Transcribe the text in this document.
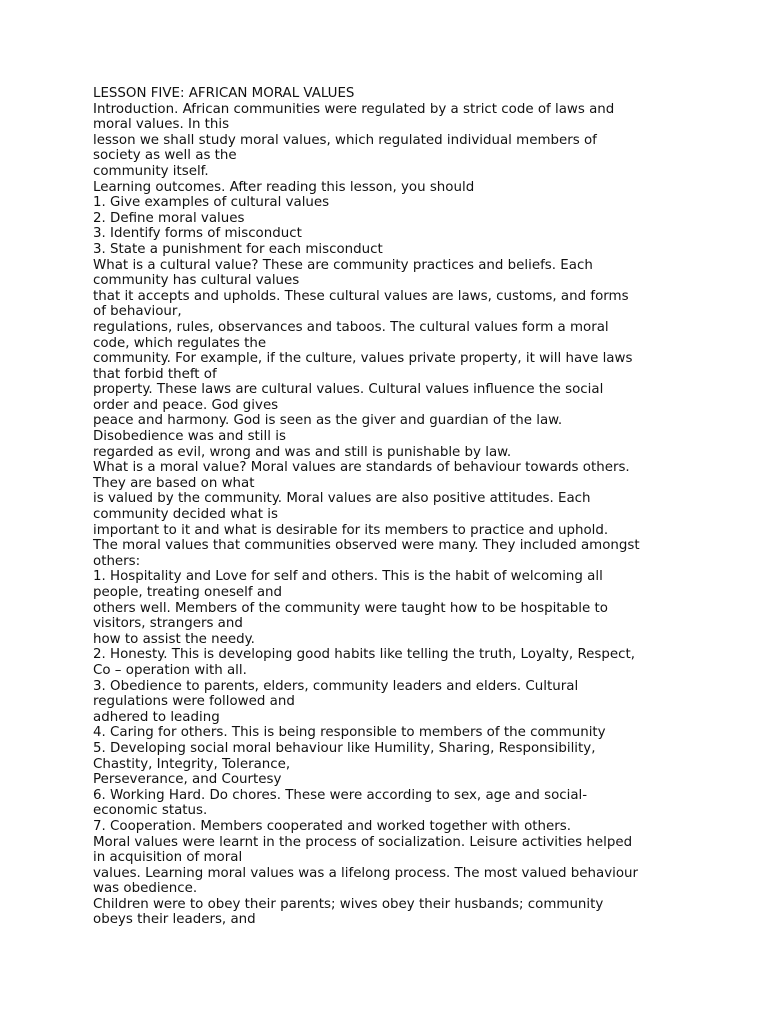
LESSON FIVE: AFRICAN MORAL VALUES
Introduction. African communities were regulated by a strict code of laws and
moral values. In this
lesson we shall study moral values, which regulated individual members of
society as well as the
community itself.
Learning outcomes. After reading this lesson, you should
1. Give examples of cultural values
2. Define moral values
3. Identify forms of misconduct
3. State a punishment for each misconduct
What is a cultural value? These are community practices and beliefs. Each
community has cultural values
that it accepts and upholds. These cultural values are laws, customs, and forms
of behaviour,
regulations, rules, observances and taboos. The cultural values form a moral
code, which regulates the
community. For example, if the culture, values private property, it will have laws
that forbid theft of
property. These laws are cultural values. Cultural values influence the social
order and peace. God gives
peace and harmony. God is seen as the giver and guardian of the law.
Disobedience was and still is
regarded as evil, wrong and was and still is punishable by law.
What is a moral value? Moral values are standards of behaviour towards others.
They are based on what
is valued by the community. Moral values are also positive attitudes. Each
community decided what is
important to it and what is desirable for its members to practice and uphold.
The moral values that communities observed were many. They included amongst
others:
1. Hospitality and Love for self and others. This is the habit of welcoming all
people, treating oneself and
others well. Members of the community were taught how to be hospitable to
visitors, strangers and
how to assist the needy.
2. Honesty. This is developing good habits like telling the truth, Loyalty, Respect,
Co – operation with all.
3. Obedience to parents, elders, community leaders and elders. Cultural
regulations were followed and
adhered to leading
4. Caring for others. This is being responsible to members of the community
5. Developing social moral behaviour like Humility, Sharing, Responsibility,
Chastity, Integrity, Tolerance,
Perseverance, and Courtesy
6. Working Hard. Do chores. These were according to sex, age and social-
economic status.
7. Cooperation. Members cooperated and worked together with others.
Moral values were learnt in the process of socialization. Leisure activities helped
in acquisition of moral
values. Learning moral values was a lifelong process. The most valued behaviour
was obedience.
Children were to obey their parents; wives obey their husbands; community
obeys their leaders, and
